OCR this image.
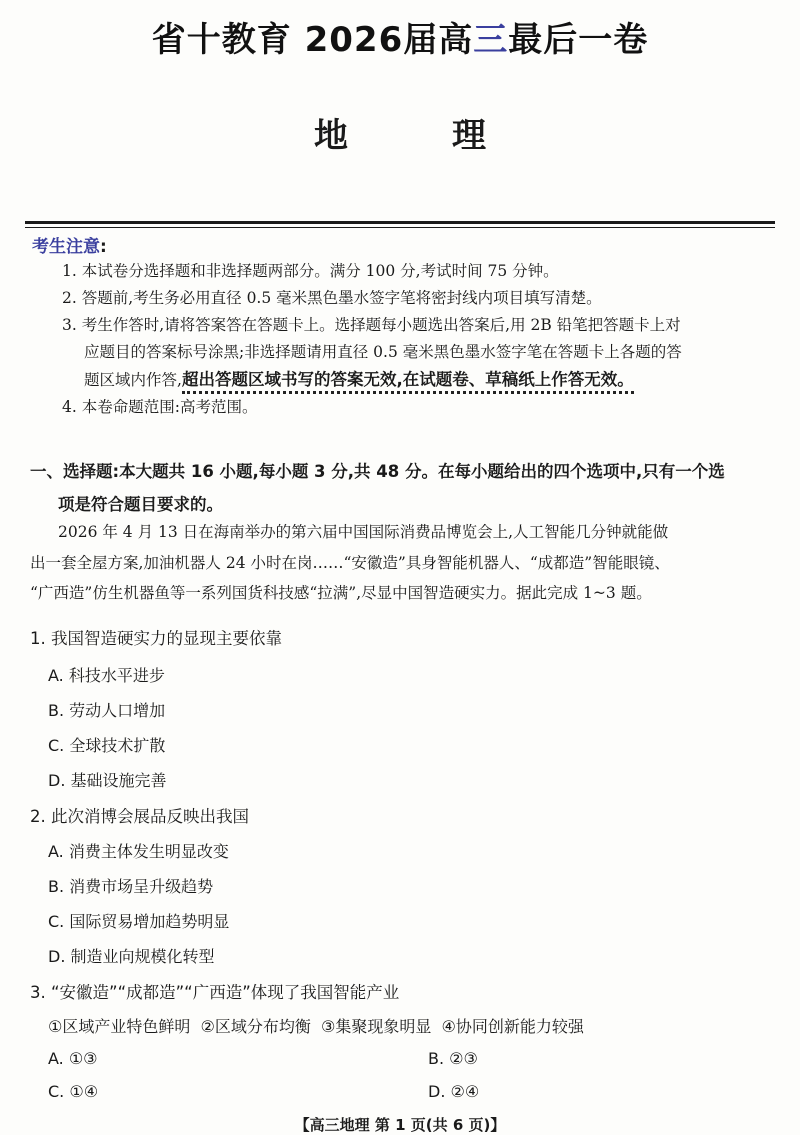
省十教育 2026届高三最后一卷
地	理
考生注意:
1. 本试卷分选择题和非选择题两部分。满分 100 分,考试时间 75 分钟。
2. 答题前,考生务必用直径 0.5 毫米黑色墨水签字笔将密封线内项目填写清楚。
3. 考生作答时,请将答案答在答题卡上。选择题每小题选出答案后,用 2B 铅笔把答题卡上对
应题目的答案标号涂黑;非选择题请用直径 0.5 毫米黑色墨水签字笔在答题卡上各题的答
题区域内作答,超出答题区域书写的答案无效,在试题卷、草稿纸上作答无效。
4. 本卷命题范围:高考范围。
一、选择题:本大题共 16 小题,每小题 3 分,共 48 分。在每小题给出的四个选项中,只有一个选
项是符合题目要求的。

2026 年 4 月 13 日在海南举办的第六届中国国际消费品博览会上,人工智能几分钟就能做

出一套全屋方案,加油机器人 24 小时在岗……“安徽造”具身智能机器人、“成都造”智能眼镜、

“广西造”仿生机器鱼等一系列国货科技感“拉满”,尽显中国智造硬实力。据此完成 1~3 题。

1. 我国智造硬实力的显现主要依靠
A. 科技水平进步
B. 劳动人口增加
C. 全球技术扩散
D. 基础设施完善
2. 此次消博会展品反映出我国
A. 消费主体发生明显改变
B. 消费市场呈升级趋势
C. 国际贸易增加趋势明显
D. 制造业向规模化转型
3. “安徽造”“成都造”“广西造”体现了我国智能产业
①区域产业特色鲜明  ②区域分布均衡  ③集聚现象明显  ④协同创新能力较强
A. ①③	B. ②③
C. ①④	D. ②④
【高三地理 第 1 页(共 6 页)】
